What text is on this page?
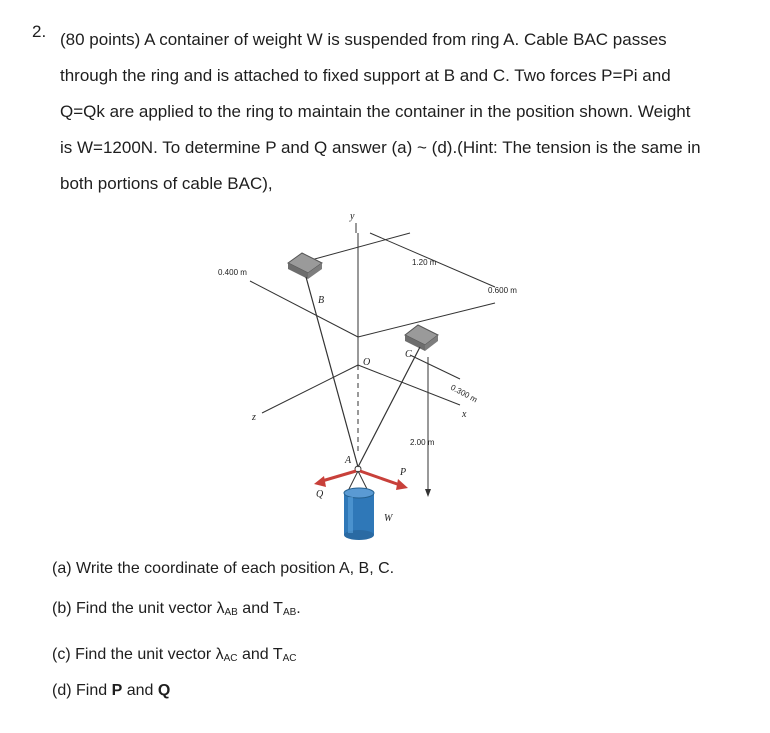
2. (80 points) A container of weight W is suspended from ring A. Cable BAC passes
through the ring and is attached to fixed support at B and C. Two forces P=Pi and
Q=Qk are applied to the ring to maintain the container in the position shown. Weight
is W=1200N. To determine P and Q answer (a) ~ (d).(Hint: The tension is the same in
both portions of cable BAC),
y
z	x
0.400 m
1.20 m
0.600 m
0.300 m
2.00 m
B
C
O
A
P
Q
W
(a) Write the coordinate of each position A, B, C.
(b) Find the unit vector $\lambda_{AB}$ and $T_{AB}$.
(c) Find the unit vector $\lambda_{AC}$ and $T_{AC}$
(d) Find P and Q
